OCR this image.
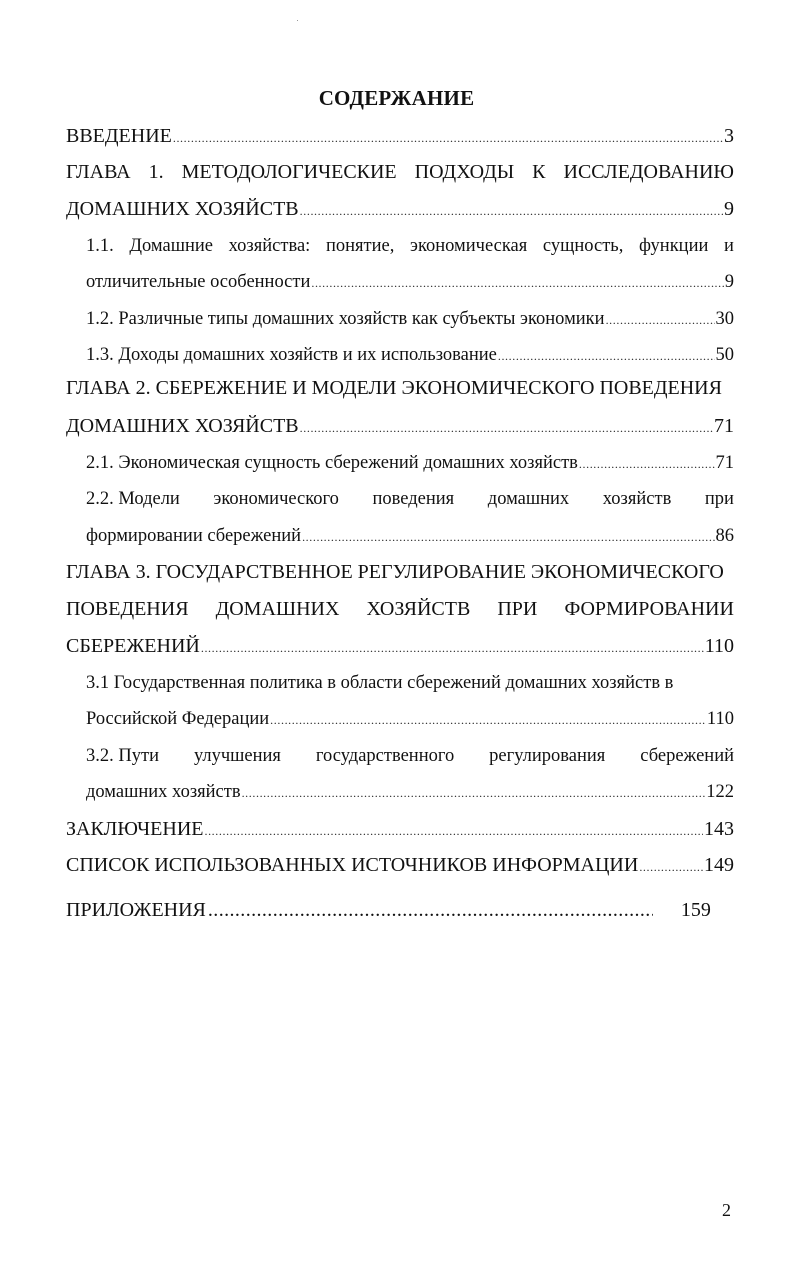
СОДЕРЖАНИЕ
ВВЕДЕНИЕ .....	3
ГЛАВА 1. МЕТОДОЛОГИЧЕСКИЕ ПОДХОДЫ К ИССЛЕДОВАНИЮ
ДОМАШНИХ ХОЗЯЙСТВ .....	9
1.1. Домашние хозяйства: понятие, экономическая сущность, функции и
отличительные особенности .....	9
1.2. Различные типы домашних хозяйств как субъекты экономики .....	30
1.3. Доходы домашних хозяйств и их использование .....	50
ГЛАВА 2. СБЕРЕЖЕНИЕ И МОДЕЛИ ЭКОНОМИЧЕСКОГО ПОВЕДЕНИЯ
ДОМАШНИХ ХОЗЯЙСТВ .....	71
2.1. Экономическая сущность сбережений домашних хозяйств .....	71
2.2. Модели экономического поведения домашних хозяйств при
формировании сбережений .....	86
ГЛАВА 3. ГОСУДАРСТВЕННОЕ РЕГУЛИРОВАНИЕ ЭКОНОМИЧЕСКОГО
ПОВЕДЕНИЯ ДОМАШНИХ ХОЗЯЙСТВ ПРИ ФОРМИРОВАНИИ
СБЕРЕЖЕНИЙ .....	110
3.1 Государственная политика в области сбережений домашних хозяйств в
Российской Федерации .....	110
3.2. Пути улучшения государственного регулирования сбережений
домашних хозяйств .....	122
ЗАКЛЮЧЕНИЕ .....	143
СПИСОК ИСПОЛЬЗОВАННЫХ ИСТОЧНИКОВ ИНФОРМАЦИИ .....	149
ПРИЛОЖЕНИЯ .....	159
2
